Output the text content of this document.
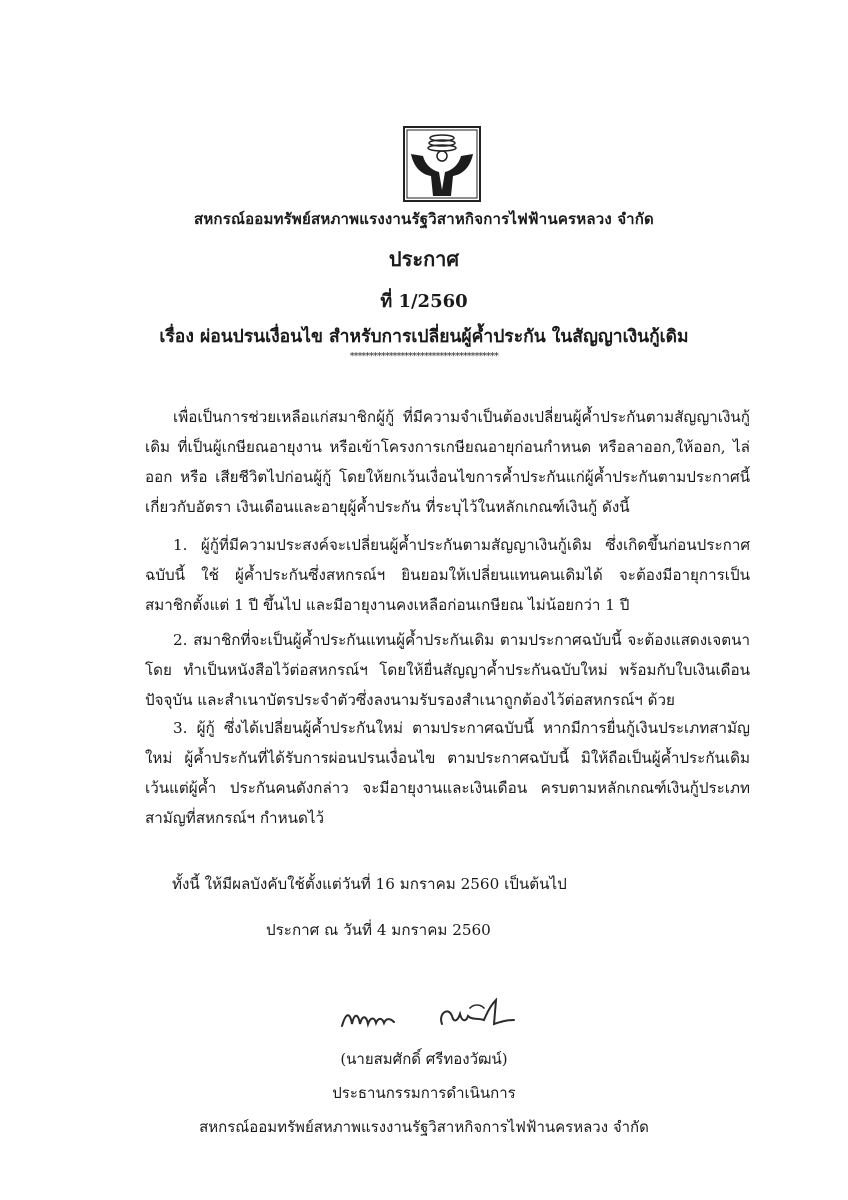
สหกรณ์ออมทรัพย์สหภาพแรงงานรัฐวิสาหกิจการไฟฟ้านครหลวง จำกัด
ประกาศ
ที่ 1/2560
เรื่อง ผ่อนปรนเงื่อนไข สำหรับการเปลี่ยนผู้ค้ำประกัน ในสัญญาเงินกู้เดิม
**************************************

เพื่อเป็นการช่วยเหลือแก่สมาชิกผู้กู้ ที่มีความจำเป็นต้องเปลี่ยนผู้ค้ำประกันตามสัญญาเงินกู้เดิม ที่เป็นผู้เกษียณอายุงาน หรือเข้าโครงการเกษียณอายุก่อนกำหนด หรือลาออก,ให้ออก, ไล่ออก หรือ เสียชีวิตไปก่อนผู้กู้ โดยให้ยกเว้นเงื่อนไขการค้ำประกันแก่ผู้ค้ำประกันตามประกาศนี้ เกี่ยวกับอัตรา เงินเดือนและอายุผู้ค้ำประกัน ที่ระบุไว้ในหลักเกณฑ์เงินกู้ ดังนี้

1. ผู้กู้ที่มีความประสงค์จะเปลี่ยนผู้ค้ำประกันตามสัญญาเงินกู้เดิม ซึ่งเกิดขึ้นก่อนประกาศฉบับนี้ ใช้ ผู้ค้ำประกันซึ่งสหกรณ์ฯ ยินยอมให้เปลี่ยนแทนคนเดิมได้ จะต้องมีอายุการเป็นสมาชิกตั้งแต่ 1 ปี ขึ้นไป และมีอายุงานคงเหลือก่อนเกษียณ ไม่น้อยกว่า 1 ปี

2. สมาชิกที่จะเป็นผู้ค้ำประกันแทนผู้ค้ำประกันเดิม ตามประกาศฉบับนี้ จะต้องแสดงเจตนาโดย ทำเป็นหนังสือไว้ต่อสหกรณ์ฯ โดยให้ยื่นสัญญาค้ำประกันฉบับใหม่ พร้อมกับใบเงินเดือนปัจจุบัน และสำเนาบัตรประจำตัวซึ่งลงนามรับรองสำเนาถูกต้องไว้ต่อสหกรณ์ฯ ด้วย

3. ผู้กู้ ซึ่งได้เปลี่ยนผู้ค้ำประกันใหม่ ตามประกาศฉบับนี้ หากมีการยื่นกู้เงินประเภทสามัญใหม่ ผู้ค้ำประกันที่ได้รับการผ่อนปรนเงื่อนไข ตามประกาศฉบับนี้ มิให้ถือเป็นผู้ค้ำประกันเดิม เว้นแต่ผู้ค้ำ ประกันคนดังกล่าว จะมีอายุงานและเงินเดือน ครบตามหลักเกณฑ์เงินกู้ประเภทสามัญที่สหกรณ์ฯ กำหนดไว้

ทั้งนี้ ให้มีผลบังคับใช้ตั้งแต่วันที่ 16 มกราคม 2560 เป็นต้นไป
ประกาศ ณ วันที่ 4 มกราคม 2560
(นายสมศักดิ์ ศรีทองวัฒน์)
ประธานกรรมการดำเนินการ
สหกรณ์ออมทรัพย์สหภาพแรงงานรัฐวิสาหกิจการไฟฟ้านครหลวง จำกัด
